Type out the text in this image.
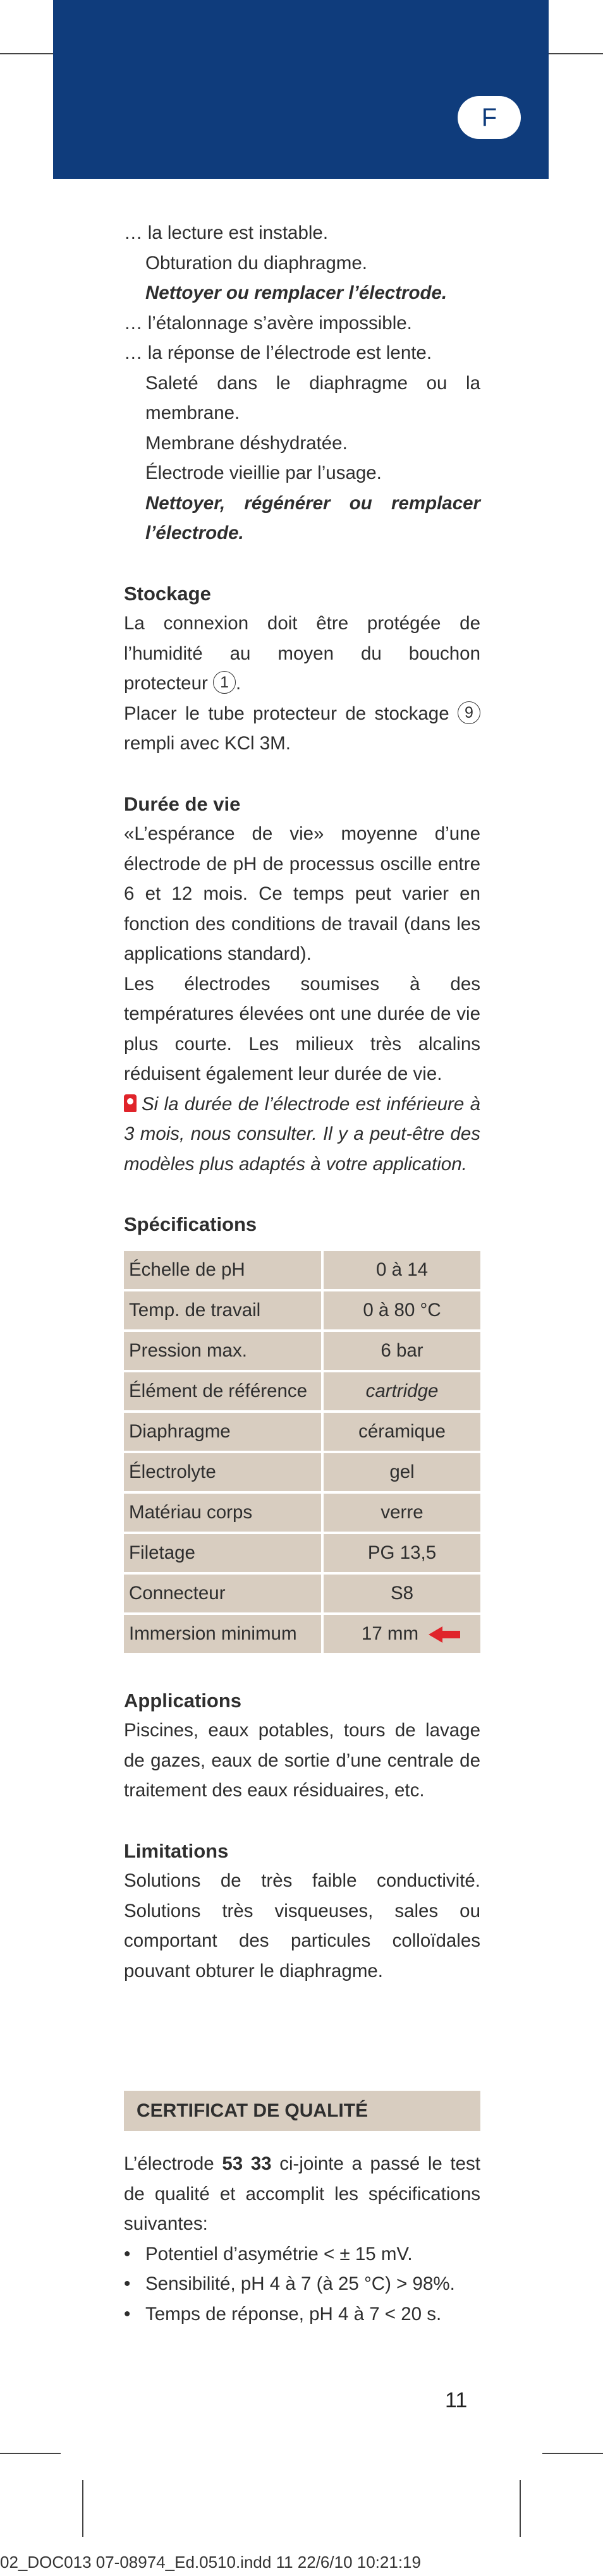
F

… la lecture est instable.

Obturation du diaphragme.

Nettoyer ou remplacer l’électrode.

… l’étalonnage s’avère impossible.

… la réponse de l’électrode est lente.

Saleté dans le diaphragme ou la membrane.

Membrane déshydratée.

Électrode vieillie par l’usage.

Nettoyer, régénérer ou remplacer l’électrode.

Stockage

La connexion doit être protégée de l’humidité au moyen du bouchon protecteur 1 .

Placer le tube protecteur de stockage 9 rempli avec KCl 3M.

Durée de vie

«L’espérance de vie» moyenne d’une électrode de pH de processus oscille entre 6 et 12 mois. Ce temps peut varier en fonction des conditions de travail (dans les applications standard).

Les électrodes soumises à des températures élevées ont une durée de vie plus courte. Les milieux très alcalins réduisent également leur durée de vie.

Si la durée de l’électrode est inférieure à 3 mois, nous consulter. Il y a peut-être des modèles plus adaptés à votre application.

Spécifications

Échelle de pH	0 à 14
Temp. de travail	0 à 80 °C
Pression max.	6 bar
Élément de référence	cartridge
Diaphragme	céramique
Électrolyte	gel
Matériau corps	verre
Filetage	PG 13,5
Connecteur	S8
Immersion minimum	17 mm

Applications

Piscines, eaux potables, tours de lavage de gazes, eaux de sortie d’une centrale de traitement des eaux résiduaires, etc.

Limitations

Solutions de très faible conductivité. Solutions très visqueuses, sales ou comportant des particules colloïdales pouvant obturer le diaphragme.

CERTIFICAT DE QUALITÉ

L’électrode 53 33 ci-jointe a passé le test de qualité et accomplit les spécifications suivantes:

• Potentiel d’asymétrie < ± 15 mV.
• Sensibilité, pH 4 à 7 (à 25 °C) > 98%.
• Temps de réponse, pH 4 à 7 < 20 s.
11
02_DOC013 07-08974_Ed.0510.indd 11 22/6/10 10:21:19
